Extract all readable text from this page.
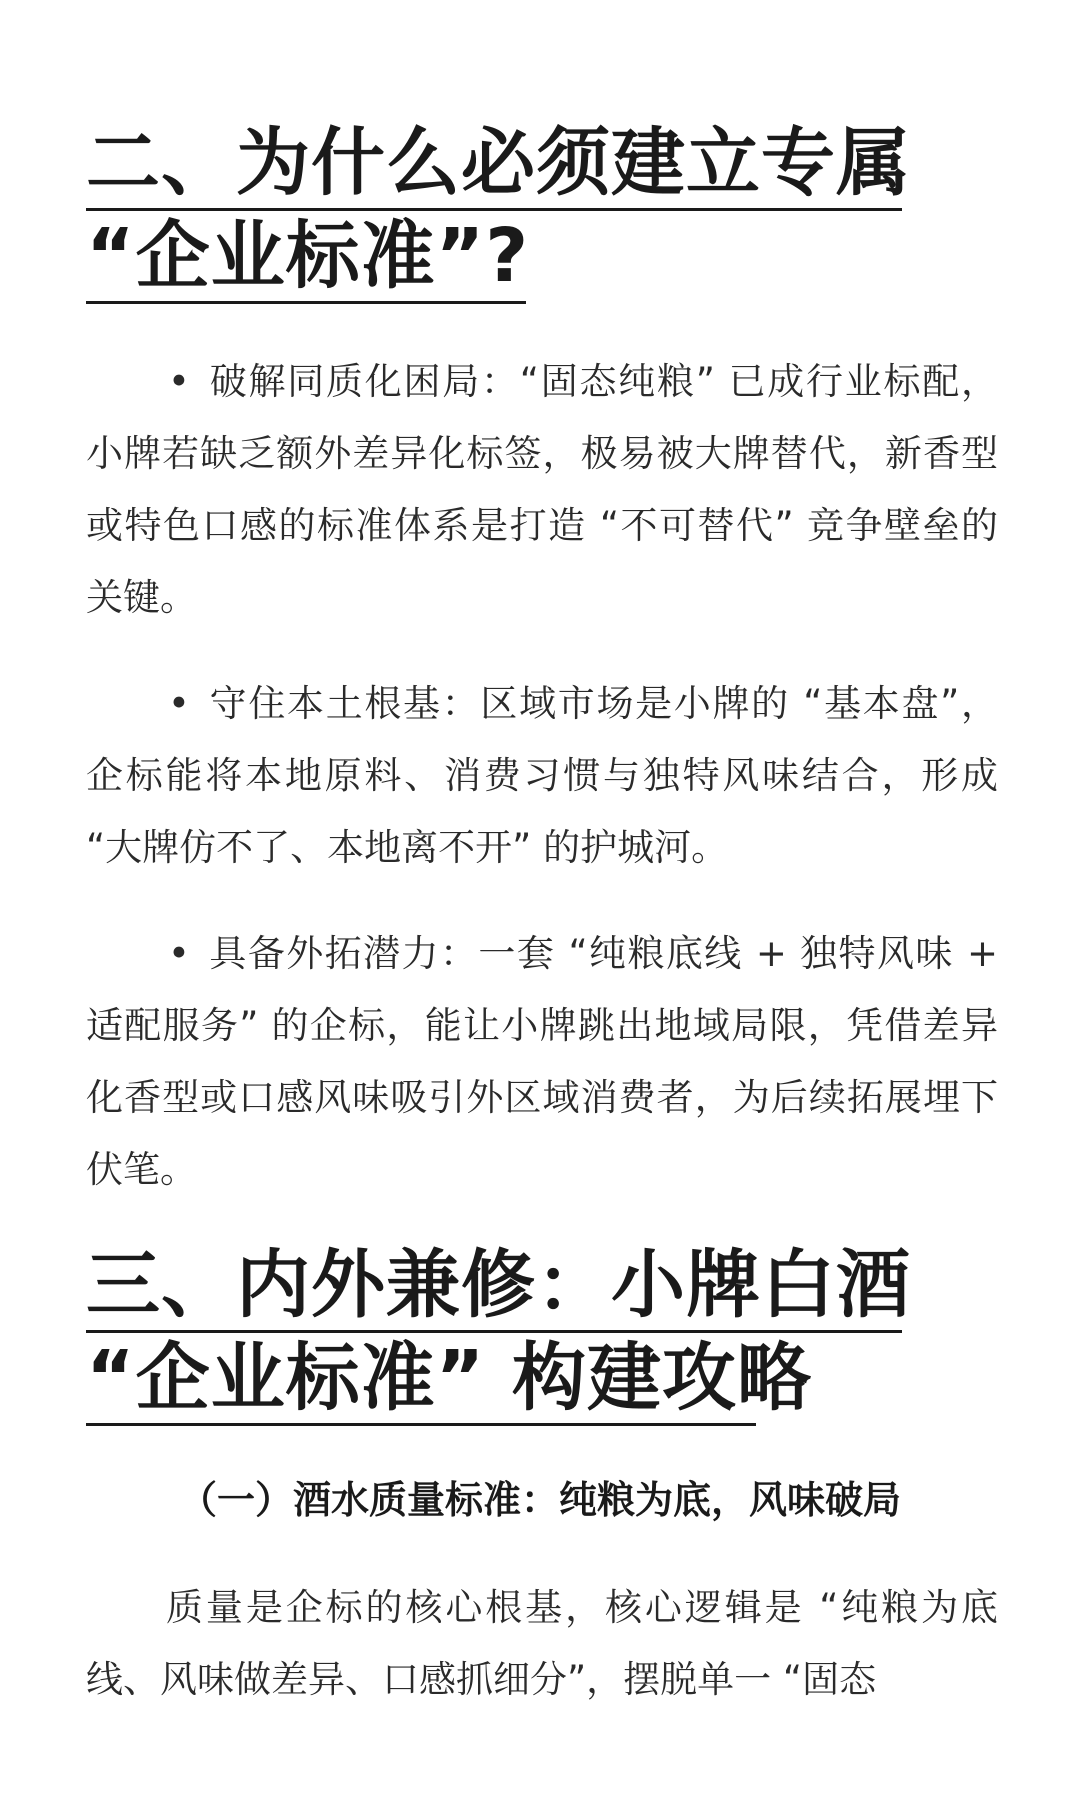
二、为什么必须建立专属
“企业标准”?

• 破解同质化困局：“固态纯粮” 已成行业标配，小牌若缺乏额外差异化标签，极易被大牌替代，新香型或特色口感的标准体系是打造 “不可替代” 竞争壁垒的关键。

• 守住本土根基：区域市场是小牌的 “基本盘”，企标能将本地原料、消费习惯与独特风味结合，形成 “大牌仿不了、本地离不开” 的护城河。

• 具备外拓潜力：一套 “纯粮底线 + 独特风味 + 适配服务” 的企标，能让小牌跳出地域局限，凭借差异化香型或口感风味吸引外区域消费者，为后续拓展埋下伏笔。

三、内外兼修：小牌白酒
“企业标准” 构建攻略
（一）酒水质量标准：纯粮为底，风味破局

质量是企标的核心根基，核心逻辑是 “纯粮为底线、风味做差异、口感抓细分”，摆脱单一 “固态
